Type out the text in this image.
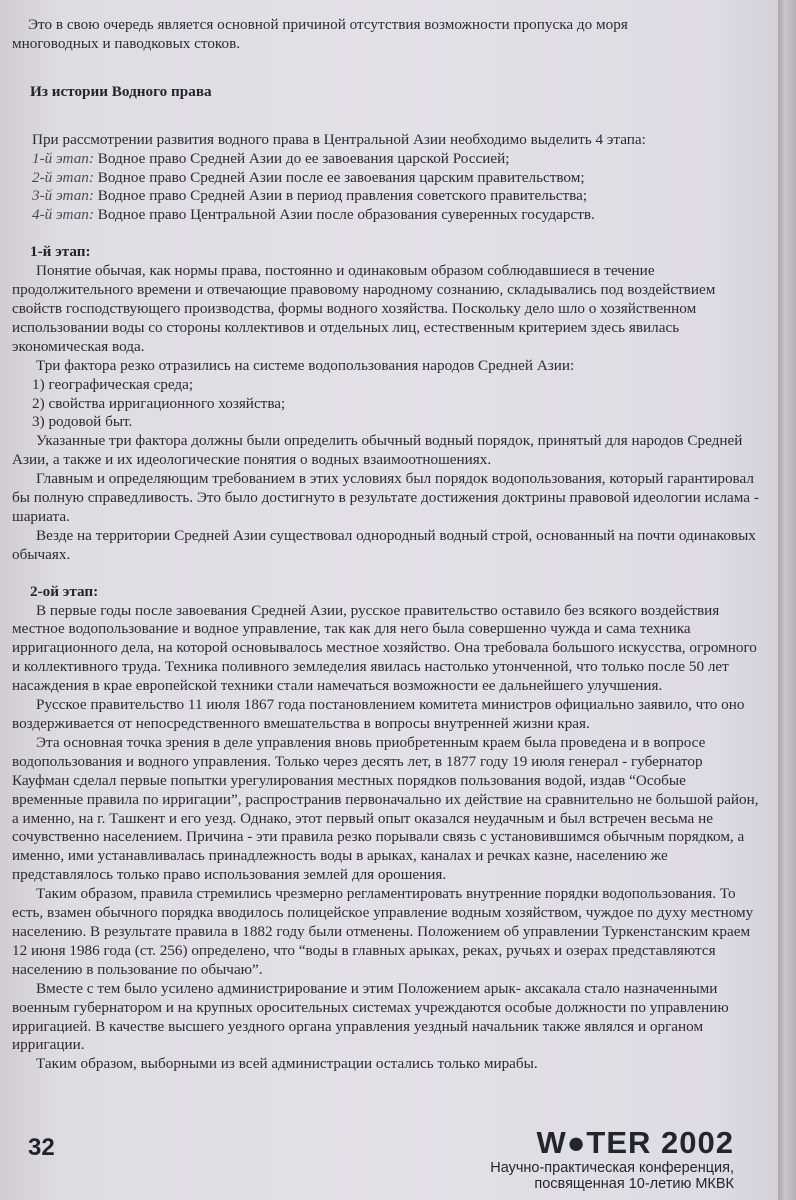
Это в свою очередь является основной причиной отсутствия возможности пропуска до моря

многоводных и паводковых стоков.

Из истории Водного права

При рассмотрении развития водного права в Центральной Азии необходимо выделить 4 этапа:

1-й этап: Водное право Средней Азии до ее завоевания царской Россией;
2-й этап: Водное право Средней Азии после ее завоевания царским правительством;
3-й этап: Водное право Средней Азии в период правления советского правительства;
4-й этап: Водное право Центральной Азии после образования суверенных государств.
1-й этап:

Понятие обычая, как нормы права, постоянно и одинаковым образом соблюдавшиеся в течение продолжительного времени и отвечающие правовому народному сознанию, складывались под воздействием свойств господствующего производства, формы водного хозяйства. Поскольку дело шло о хозяйственном использовании воды со стороны коллективов и отдельных лиц, естественным критерием здесь явилась экономическая вода.

Три фактора резко отразились на системе водопользования народов Средней Азии:

1) географическая среда;
2) свойства ирригационного хозяйства;
3) родовой быт.

Указанные три фактора должны были определить обычный водный порядок, принятый для народов Средней Азии, а также и их идеологические понятия о водных взаимоотношениях.

Главным и определяющим требованием в этих условиях был порядок водопользования, который гарантировал бы полную справедливость. Это было достигнуто в результате достижения доктрины правовой идеологии ислама - шариата.

Везде на территории Средней Азии существовал однородный водный строй, основанный на почти одинаковых обычаях.

2-ой этап:

В первые годы после завоевания Средней Азии, русское правительство оставило без всякого воздействия местное водопользование и водное управление, так как для него была совершенно чужда и сама техника ирригационного дела, на которой основывалось местное хозяйство. Она требовала большого искусства, огромного и коллективного труда. Техника поливного земледелия явилась настолько утонченной, что только после 50 лет насаждения в крае европейской техники стали намечаться возможности ее дальнейшего улучшения.

Русское правительство 11 июля 1867 года постановлением комитета министров официально заявило, что оно воздерживается от непосредственного вмешательства в вопросы внутренней жизни края.

Эта основная точка зрения в деле управления вновь приобретенным краем была проведена и в вопросе водопользования и водного управления. Только через десять лет, в 1877 году 19 июля генерал - губернатор Кауфман сделал первые попытки урегулирования местных порядков пользования водой, издав “Особые временные правила по ирригации”, распространив первоначально их действие на сравнительно не большой район, а именно, на г. Ташкент и его уезд. Однако, этот первый опыт оказался неудачным и был встречен весьма не сочувственно населением. Причина - эти правила резко порывали связь с установившимся обычным порядком, а именно, ими устанавливалась принадлежность воды в арыках, каналах и речках казне, населению же представлялось только право использования землей для орошения.

Таким образом, правила стремились чрезмерно регламентировать внутренние порядки водопользования. То есть, взамен обычного порядка вводилось полицейское управление водным хозяйством, чуждое по духу местному населению. В результате правила в 1882 году были отменены. Положением об управлении Туркенстанским краем 12 июня 1986 года (ст. 256) определено, что “воды в главных арыках, реках, ручьях и озерах представляются населению в пользование по обычаю”.

Вместе с тем было усилено администрирование и этим Положением арык- аксакала стало назначенными военным губернатором и на крупных оросительных системах учреждаются особые должности по управлению ирригацией. В качестве высшего уездного органа управления уездный начальник также являлся и органом ирригации.

Таким образом, выборными из всей администрации остались только мирабы.

32	W●TER 2002
Научно-практическая конференция,
посвященная 10-летию МКВК
